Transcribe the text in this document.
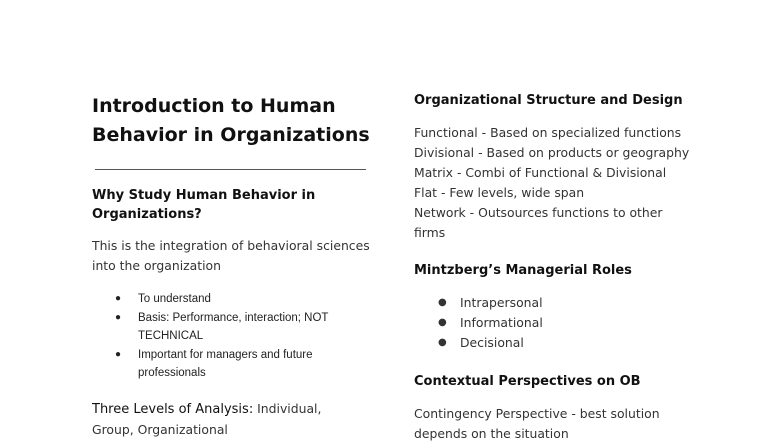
Introduction to Human Behavior in Organizations
Why Study Human Behavior in Organizations?

This is the integration of behavioral sciences into the organization

● To understand
● Basis: Performance, interaction; NOT TECHNICAL
● Important for managers and future professionals

Three Levels of Analysis: Individual, Group, Organizational

Organizational Structure and Design
Functional - Based on specialized functions
Divisional - Based on products or geography
Matrix - Combi of Functional & Divisional
Flat - Few levels, wide span
Network - Outsources functions to other
firms
Mintzberg’s Managerial Roles
● Intrapersonal
● Informational
● Decisional
Contextual Perspectives on OB
Contingency Perspective - best solution
depends on the situation
